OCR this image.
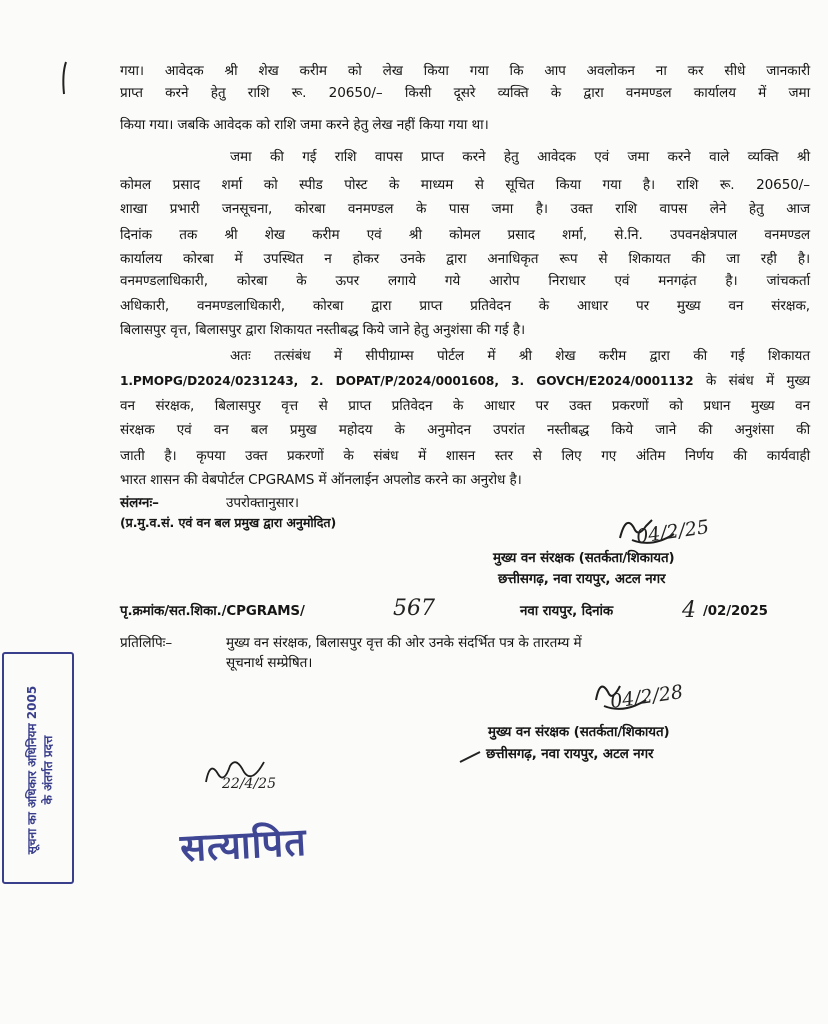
गया। आवेदक श्री शेख करीम को लेख किया गया कि आप अवलोकन ना कर सीधे जानकारी
प्राप्त करने हेतु राशि रू. 20650/– किसी दूसरे व्यक्ति के द्वारा वनमण्डल कार्यालय में जमा
किया गया। जबकि आवेदक को राशि जमा करने हेतु लेख नहीं किया गया था।
जमा की गई राशि वापस प्राप्त करने हेतु आवेदक एवं जमा करने वाले व्यक्ति श्री
कोमल प्रसाद शर्मा को स्पीड पोस्ट के माध्यम से सूचित किया गया है। राशि रू. 20650/–
शाखा प्रभारी जनसूचना, कोरबा वनमण्डल के पास जमा है। उक्त राशि वापस लेने हेतु आज
दिनांक तक श्री शेख करीम एवं श्री कोमल प्रसाद शर्मा, से.नि. उपवनक्षेत्रपाल वनमण्डल
कार्यालय कोरबा में उपस्थित न होकर उनके द्वारा अनाधिकृत रूप से शिकायत की जा रही है।
वनमण्डलाधिकारी, कोरबा के ऊपर लगाये गये आरोप निराधार एवं मनगढ़ंत है। जांचकर्ता
अधिकारी, वनमण्डलाधिकारी, कोरबा द्वारा प्राप्त प्रतिवेदन के आधार पर मुख्य वन संरक्षक,
बिलासपुर वृत्त, बिलासपुर द्वारा शिकायत नस्तीबद्ध किये जाने हेतु अनुशंसा की गई है।
अतः तत्संबंध में सीपीग्राम्स पोर्टल में श्री शेख करीम द्वारा की गई शिकायत
1.PMOPG/D2024/0231243, 2. DOPAT/P/2024/0001608, 3. GOVCH/E2024/0001132 के संबंध में मुख्य
वन संरक्षक, बिलासपुर वृत्त से प्राप्त प्रतिवेदन के आधार पर उक्त प्रकरणों को प्रधान मुख्य वन
संरक्षक एवं वन बल प्रमुख महोदय के अनुमोदन उपरांत नस्तीबद्ध किये जाने की अनुशंसा की
जाती है। कृपया उक्त प्रकरणों के संबंध में शासन स्तर से लिए गए अंतिम निर्णय की कार्यवाही
भारत शासन की वेबपोर्टल CPGRAMS में ऑनलाईन अपलोड करने का अनुरोध है।
संलग्नः–	उपरोक्तानुसार।
(प्र.मु.व.सं. एवं वन बल प्रमुख द्वारा अनुमोदित)	04/2/25
मुख्य वन संरक्षक (सतर्कता/शिकायत)
छत्तीसगढ़, नवा रायपुर, अटल नगर
पृ.क्रमांक/सत.शिका./CPGRAMS/	567	नवा रायपुर, दिनांक	4 /02/2025
प्रतिलिपिः–	मुख्य वन संरक्षक, बिलासपुर वृत्त की ओर उनके संदर्भित पत्र के तारतम्य में
सूचनार्थ सम्प्रेषित।
04/2/28
मुख्य वन संरक्षक (सतर्कता/शिकायत)
छत्तीसगढ़, नवा रायपुर, अटल नगर
सूचना का अधिकार अधिनियम 2005 के अंतर्गत प्रदत्त	22/4/25
सत्यापित
